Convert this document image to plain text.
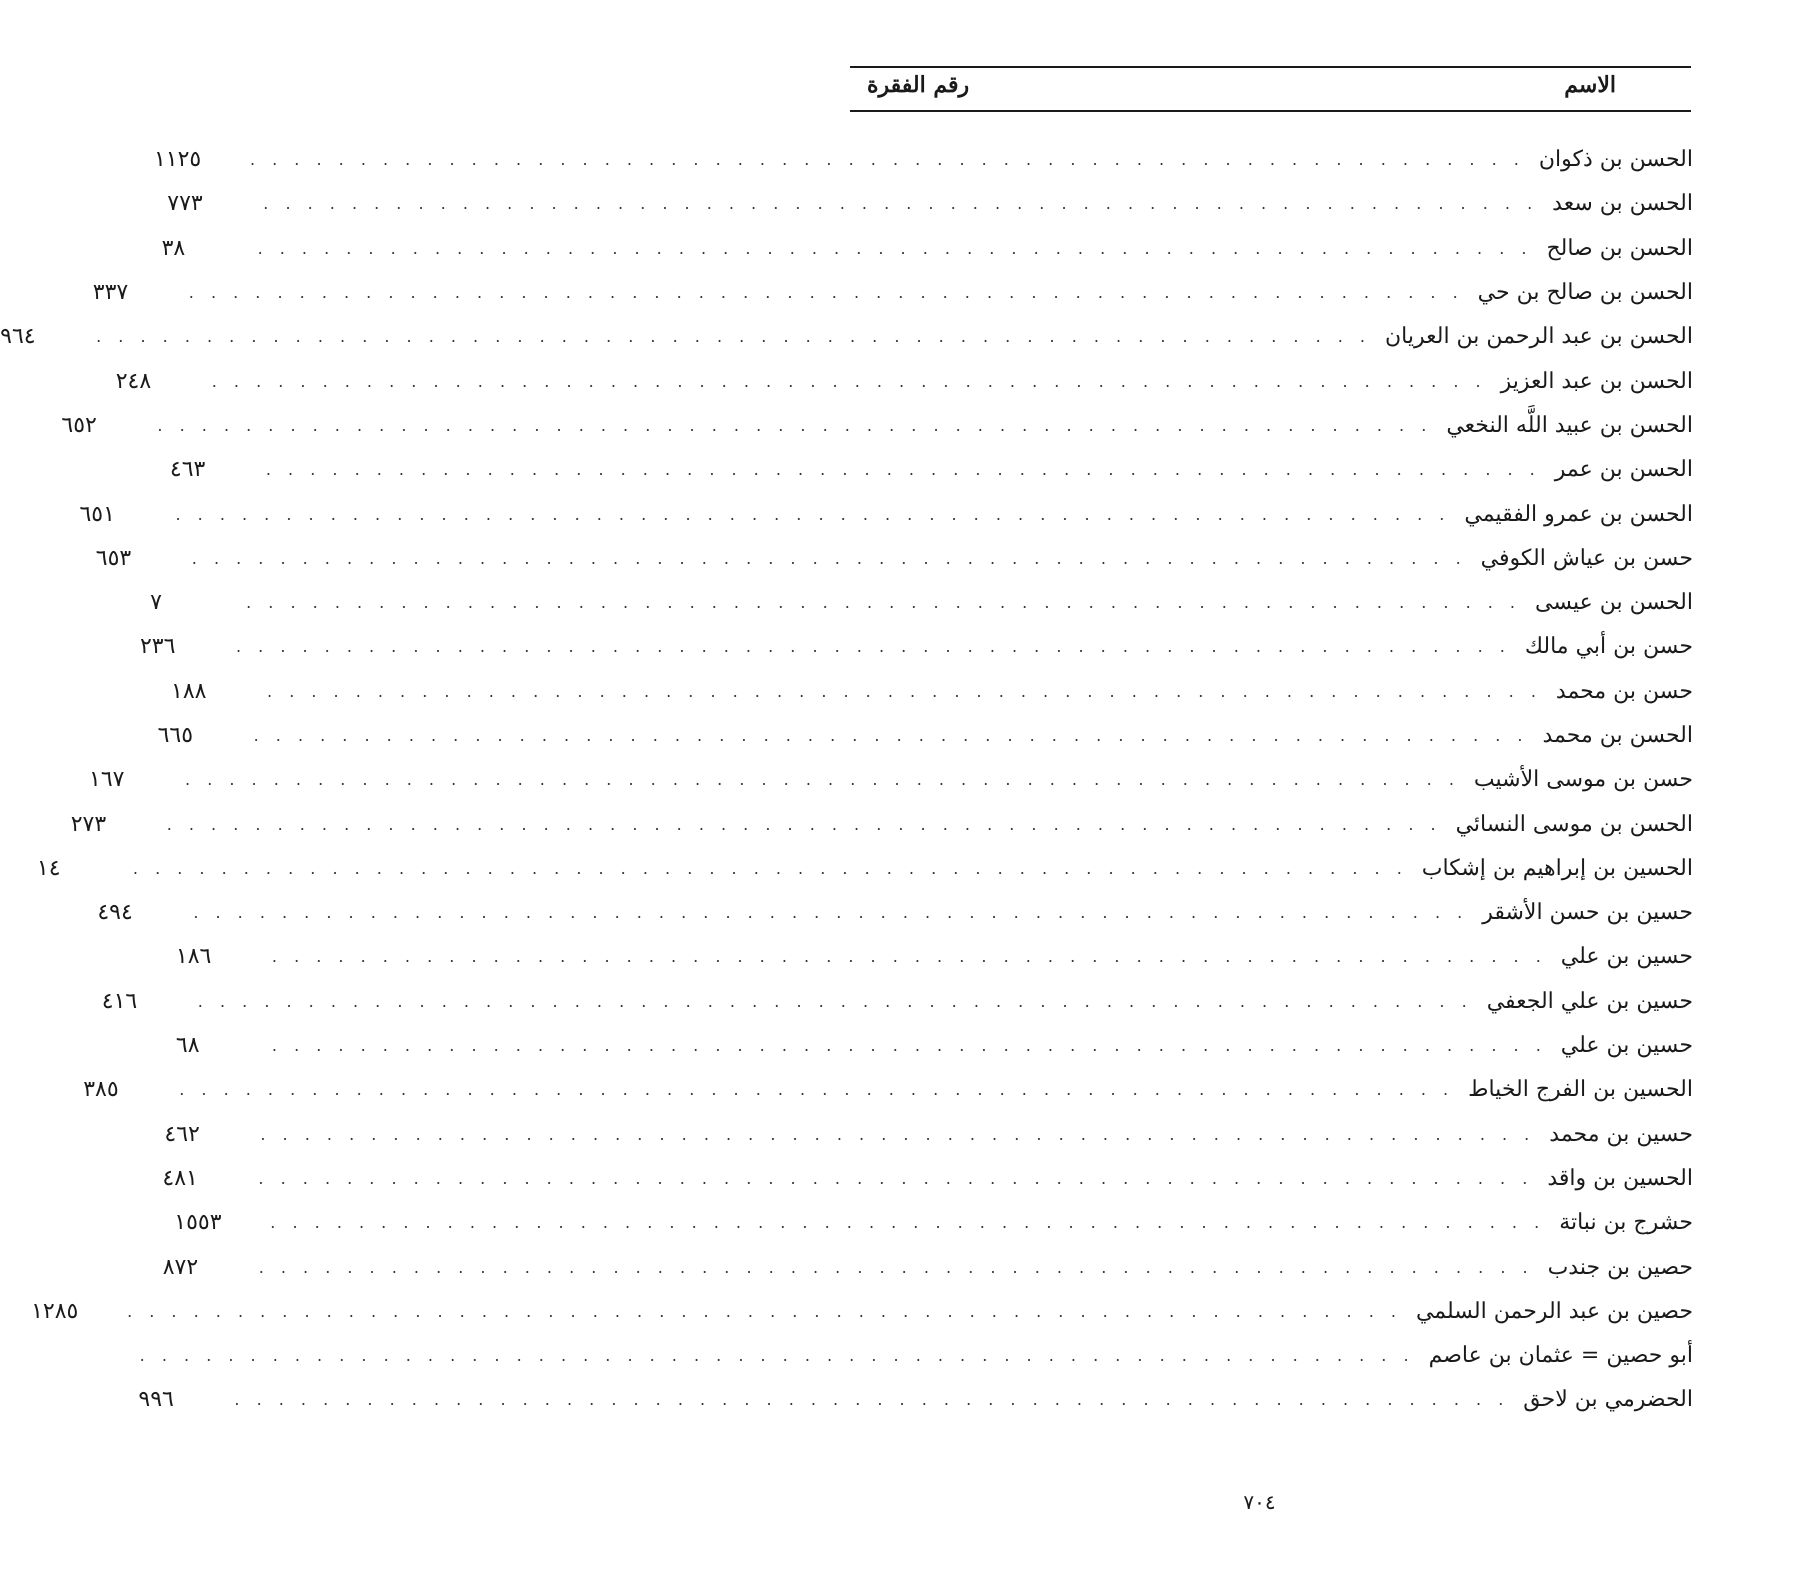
الاسم
رقم الفقرة
الحسن بن ذكوان
. . . . . . . . . . . . . . . . . . . . . . . . . . . . . . . . . . . . . . . . . . . . . . . . . . . . . . . . . .
١١٢٥
الحسن بن سعد
. . . . . . . . . . . . . . . . . . . . . . . . . . . . . . . . . . . . . . . . . . . . . . . . . . . . . . . . . .
٧٧٣
الحسن بن صالح
. . . . . . . . . . . . . . . . . . . . . . . . . . . . . . . . . . . . . . . . . . . . . . . . . . . . . . . . . .
٣٨
الحسن بن صالح بن حي
. . . . . . . . . . . . . . . . . . . . . . . . . . . . . . . . . . . . . . . . . . . . . . . . . . . . . . . . . .
٣٣٧
الحسن بن عبد الرحمن بن العريان
. . . . . . . . . . . . . . . . . . . . . . . . . . . . . . . . . . . . . . . . . . . . . . . . . . . . . . . . . .
٩٦٤
الحسن بن عبد العزيز
. . . . . . . . . . . . . . . . . . . . . . . . . . . . . . . . . . . . . . . . . . . . . . . . . . . . . . . . . .
٢٤٨
الحسن بن عبيد اللَّه النخعي
. . . . . . . . . . . . . . . . . . . . . . . . . . . . . . . . . . . . . . . . . . . . . . . . . . . . . . . . . .
٦٥٢
الحسن بن عمر
. . . . . . . . . . . . . . . . . . . . . . . . . . . . . . . . . . . . . . . . . . . . . . . . . . . . . . . . . .
٤٦٣
الحسن بن عمرو الفقيمي
. . . . . . . . . . . . . . . . . . . . . . . . . . . . . . . . . . . . . . . . . . . . . . . . . . . . . . . . . .
٦٥١
حسن بن عياش الكوفي
. . . . . . . . . . . . . . . . . . . . . . . . . . . . . . . . . . . . . . . . . . . . . . . . . . . . . . . . . .
٦٥٣
الحسن بن عيسى
. . . . . . . . . . . . . . . . . . . . . . . . . . . . . . . . . . . . . . . . . . . . . . . . . . . . . . . . . .
٧
حسن بن أبي مالك
. . . . . . . . . . . . . . . . . . . . . . . . . . . . . . . . . . . . . . . . . . . . . . . . . . . . . . . . . .
٢٣٦
حسن بن محمد
. . . . . . . . . . . . . . . . . . . . . . . . . . . . . . . . . . . . . . . . . . . . . . . . . . . . . . . . . .
١٨٨
الحسن بن محمد
. . . . . . . . . . . . . . . . . . . . . . . . . . . . . . . . . . . . . . . . . . . . . . . . . . . . . . . . . .
٦٦٥
حسن بن موسى الأشيب
. . . . . . . . . . . . . . . . . . . . . . . . . . . . . . . . . . . . . . . . . . . . . . . . . . . . . . . . . .
١٦٧
الحسن بن موسى النسائي
. . . . . . . . . . . . . . . . . . . . . . . . . . . . . . . . . . . . . . . . . . . . . . . . . . . . . . . . . .
٢٧٣
الحسين بن إبراهيم بن إشكاب
. . . . . . . . . . . . . . . . . . . . . . . . . . . . . . . . . . . . . . . . . . . . . . . . . . . . . . . . . .
١٤
حسين بن حسن الأشقر
. . . . . . . . . . . . . . . . . . . . . . . . . . . . . . . . . . . . . . . . . . . . . . . . . . . . . . . . . .
٤٩٤
حسين بن علي
. . . . . . . . . . . . . . . . . . . . . . . . . . . . . . . . . . . . . . . . . . . . . . . . . . . . . . . . . .
١٨٦
حسين بن علي الجعفي
. . . . . . . . . . . . . . . . . . . . . . . . . . . . . . . . . . . . . . . . . . . . . . . . . . . . . . . . . .
٤١٦
حسين بن علي
. . . . . . . . . . . . . . . . . . . . . . . . . . . . . . . . . . . . . . . . . . . . . . . . . . . . . . . . . .
٦٨
الحسين بن الفرج الخياط
. . . . . . . . . . . . . . . . . . . . . . . . . . . . . . . . . . . . . . . . . . . . . . . . . . . . . . . . . .
٣٨٥
حسين بن محمد
. . . . . . . . . . . . . . . . . . . . . . . . . . . . . . . . . . . . . . . . . . . . . . . . . . . . . . . . . .
٤٦٢
الحسين بن واقد
. . . . . . . . . . . . . . . . . . . . . . . . . . . . . . . . . . . . . . . . . . . . . . . . . . . . . . . . . .
٤٨١
حشرج بن نباتة
. . . . . . . . . . . . . . . . . . . . . . . . . . . . . . . . . . . . . . . . . . . . . . . . . . . . . . . . . .
١٥٥٣
حصين بن جندب
. . . . . . . . . . . . . . . . . . . . . . . . . . . . . . . . . . . . . . . . . . . . . . . . . . . . . . . . . .
٨٧٢
حصين بن عبد الرحمن السلمي
. . . . . . . . . . . . . . . . . . . . . . . . . . . . . . . . . . . . . . . . . . . . . . . . . . . . . . . . . .
١٢٨٥
أبو حصين = عثمان بن عاصم
. . . . . . . . . . . . . . . . . . . . . . . . . . . . . . . . . . . . . . . . . . . . . . . . . . . . . . . . . .
الحضرمي بن لاحق
. . . . . . . . . . . . . . . . . . . . . . . . . . . . . . . . . . . . . . . . . . . . . . . . . . . . . . . . . .
٩٩٦
٧٠٤
